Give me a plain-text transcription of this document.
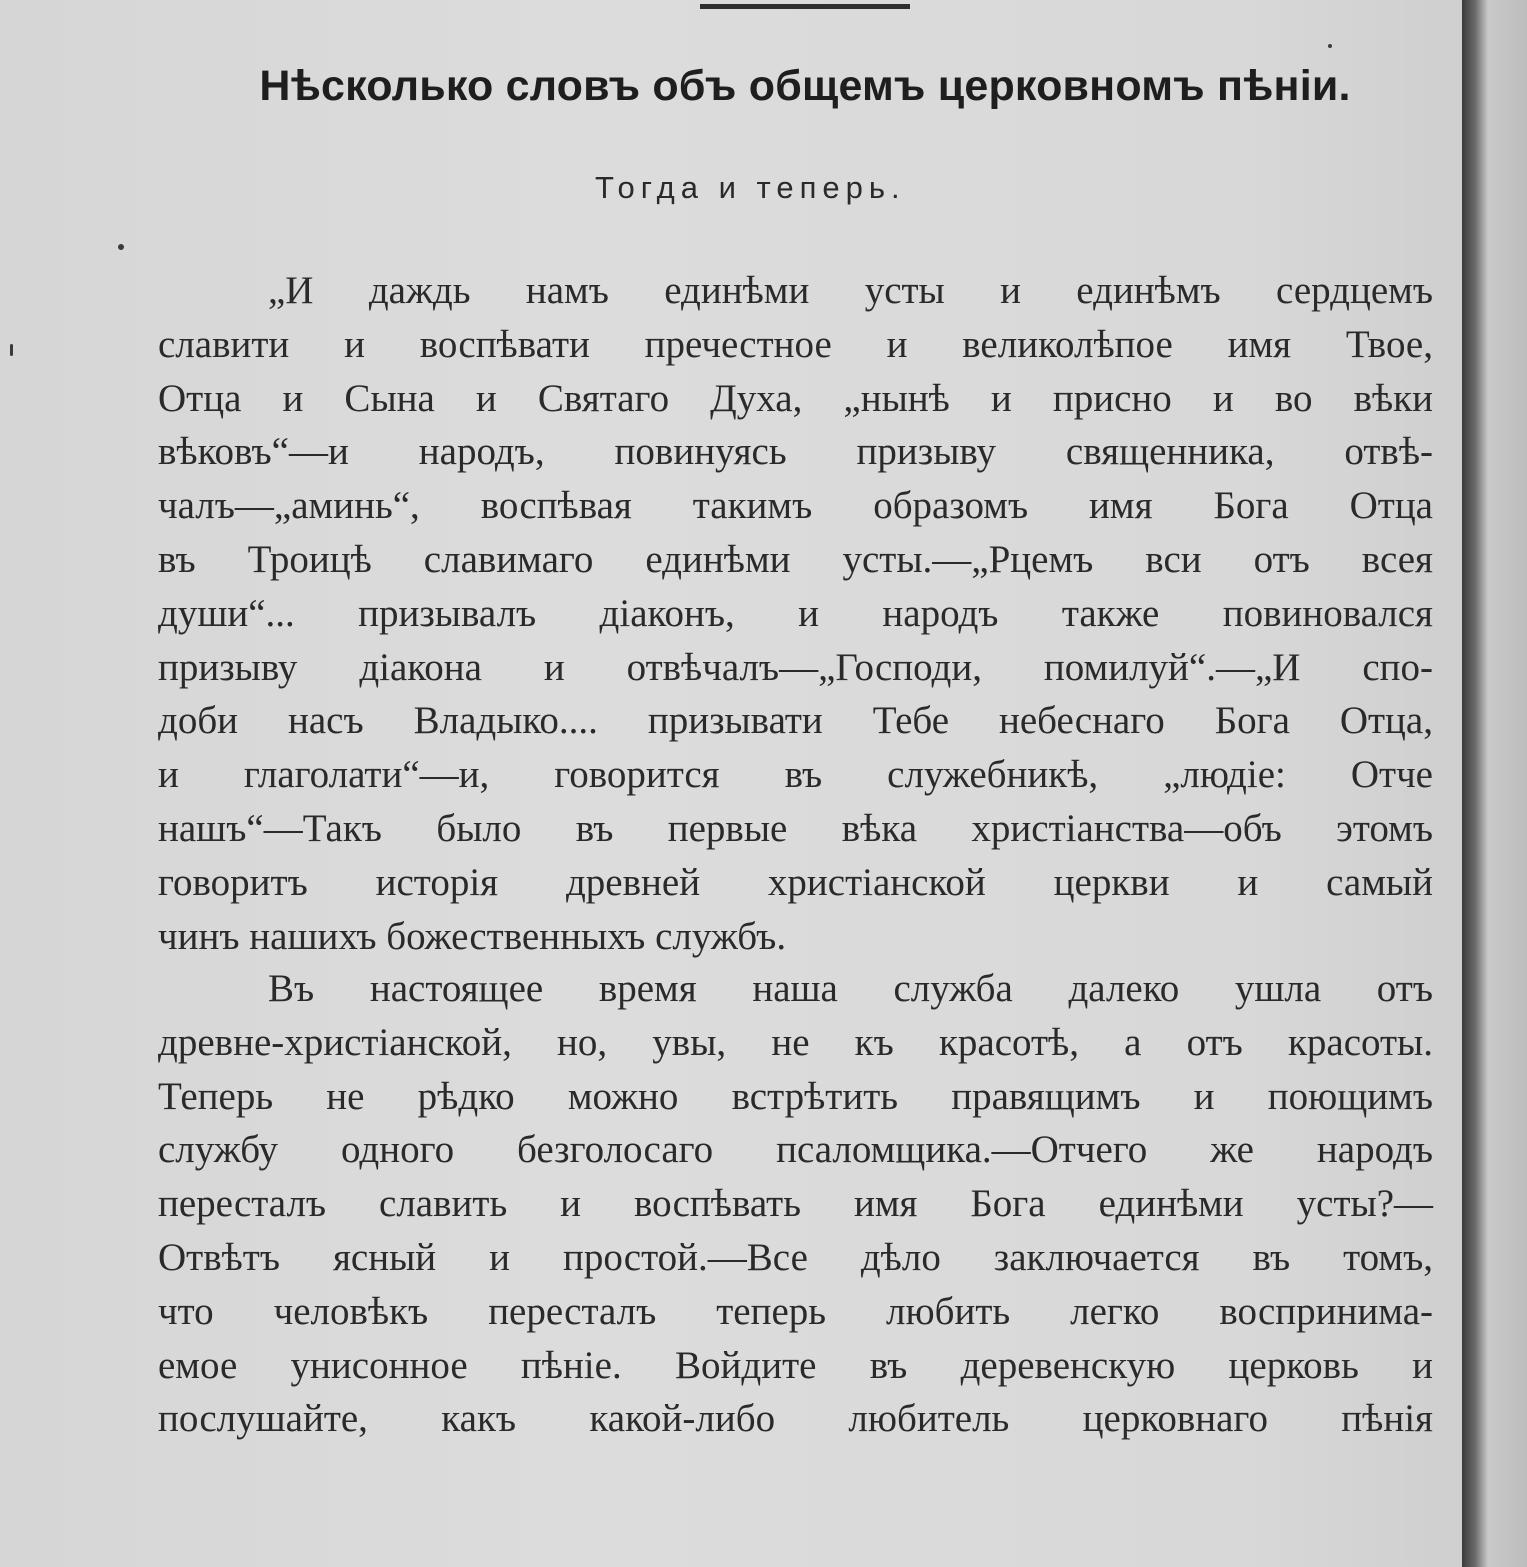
Нѣсколько словъ объ общемъ церковномъ пѣніи.
Тогда и теперь.
„И даждь намъ единѣми усты и единѣмъ сердцемъ
славити и воспѣвати пречестное и великолѣпое имя Твое,
Отца и Сына и Святаго Духа, „нынѣ и присно и во вѣки
вѣковъ“—и народъ, повинуясь призыву священника, отвѣ-
чалъ—„аминь“, воспѣвая такимъ образомъ имя Бога Отца
въ Троицѣ славимаго единѣми усты.—„Рцемъ вси отъ всея
души“... призывалъ діаконъ, и народъ также повиновался
призыву діакона и отвѣчалъ—„Господи, помилуй“.—„И спо-
доби насъ Владыко.... призывати Тебе небеснаго Бога Отца,
и глаголати“—и, говорится въ служебникѣ, „людіе: Отче
нашъ“—Такъ было въ первые вѣка христіанства—объ этомъ
говоритъ исторія древней христіанской церкви и самый
чинъ нашихъ божественныхъ службъ.
Въ настоящее время наша служба далеко ушла отъ
древне-христіанской, но, увы, не къ красотѣ, а отъ красоты.
Теперь не рѣдко можно встрѣтить правящимъ и поющимъ
службу одного безголосаго псаломщика.—Отчего же народъ
пересталъ славить и воспѣвать имя Бога единѣми усты?—
Отвѣтъ ясный и простой.—Все дѣло заключается въ томъ,
что человѣкъ пересталъ теперь любить легко воспринима-
емое унисонное пѣніе. Войдите въ деревенскую церковь и
послушайте, какъ какой-либо любитель церковнаго пѣнія
